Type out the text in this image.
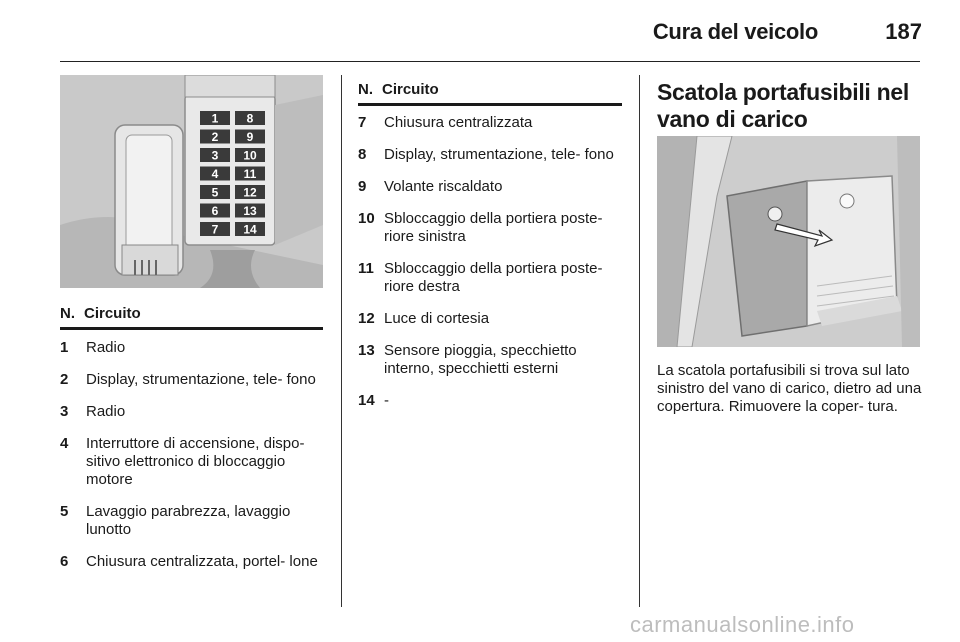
Cura del veicolo	187
1 8
2 9
3 10
4 11
5 12
6 13
7 14
N. Circuito
1	Radio
2	Display, strumentazione, tele- fono
3	Radio
4	Interruttore di accensione, dispo- sitivo elettronico di bloccaggio motore
5	Lavaggio parabrezza, lavaggio lunotto
6	Chiusura centralizzata, portel- lone
N. Circuito
7	Chiusura centralizzata
8	Display, strumentazione, tele- fono
9	Volante riscaldato
10 Sbloccaggio della portiera poste- riore sinistra
11 Sbloccaggio della portiera poste- riore destra
12 Luce di cortesia
13 Sensore pioggia, specchietto interno, specchietti esterni
14 -
Scatola portafusibili nel vano di carico
La scatola portafusibili si trova sul lato sinistro del vano di carico, dietro ad una copertura. Rimuovere la coper- tura.
carmanualsonline.info
